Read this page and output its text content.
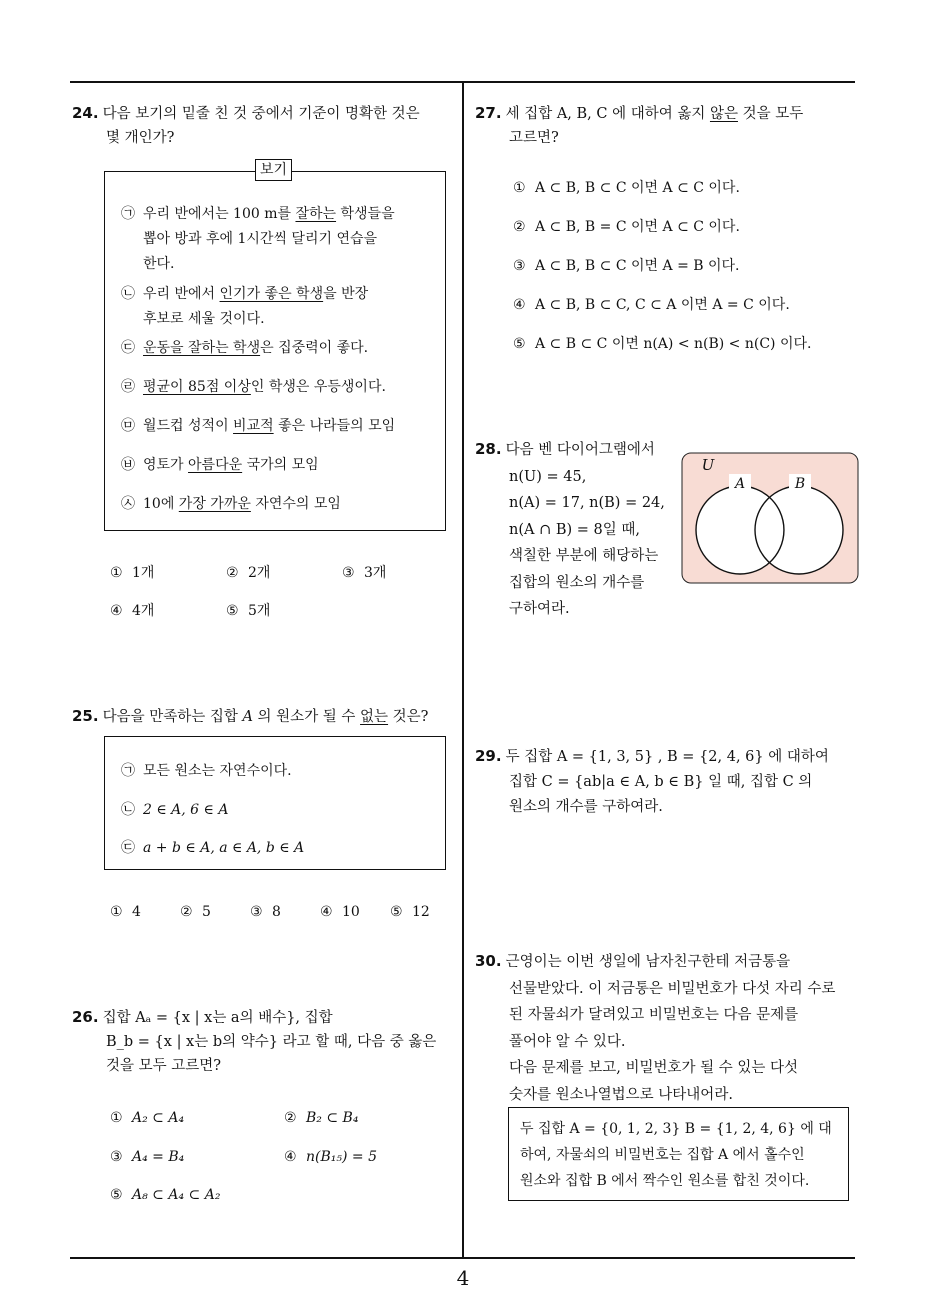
24. 다음 보기의 밑줄 친 것 중에서 기준이 명확한 것은
몇 개인가?
보기
㉠ 우리 반에서는 100 m를 잘하는 학생들을
뽑아 방과 후에 1시간씩 달리기 연습을
한다.
㉡ 우리 반에서 인기가 좋은 학생을 반장
후보로 세울 것이다.
㉢ 운동을 잘하는 학생은 집중력이 좋다.
㉣ 평균이 85점 이상인 학생은 우등생이다.
㉤ 월드컵 성적이 비교적 좋은 나라들의 모임
㉥ 영토가 아름다운 국가의 모임
㉦ 10에 가장 가까운 자연수의 모임
① 1개	② 2개	③ 3개
④ 4개	⑤ 5개
25. 다음을 만족하는 집합 A 의 원소가 될 수 없는 것은?
㉠ 모든 원소는 자연수이다.
㉡ 2 ∈ A, 6 ∈ A
㉢ a + b ∈ A, a ∈ A, b ∈ A
① 4	② 5	③ 8	④ 10 ⑤ 12
26. 집합 Aₐ = {x | x는 a의 배수}, 집합
B_b = {x | x는 b의 약수} 라고 할 때, 다음 중 옳은
것을 모두 고르면?
① A₂ ⊂ A₄	② B₂ ⊂ B₄
③ A₄ = B₄	④ n(B₁₅) = 5
⑤ A₈ ⊂ A₄ ⊂ A₂
27. 세 집합 A, B, C 에 대하여 옳지 않은 것을 모두
고르면?
① A ⊂ B, B ⊂ C 이면 A ⊂ C 이다.
② A ⊂ B, B = C 이면 A ⊂ C 이다.
③ A ⊂ B, B ⊂ C 이면 A = B 이다.
④ A ⊂ B, B ⊂ C, C ⊂ A 이면 A = C 이다.
⑤ A ⊂ B ⊂ C 이면 n(A) < n(B) < n(C) 이다.
28. 다음 벤 다이어그램에서
n(U) = 45,
n(A) = 17, n(B) = 24,
n(A ∩ B) = 8일 때,
색칠한 부분에 해당하는
집합의 원소의 개수를
구하여라.
U
A	B
29. 두 집합 A = {1, 3, 5} , B = {2, 4, 6} 에 대하여
집합 C = {ab|a ∈ A, b ∈ B} 일 때, 집합 C 의
원소의 개수를 구하여라.
30. 근영이는 이번 생일에 남자친구한테 저금통을
선물받았다. 이 저금통은 비밀번호가 다섯 자리 수로
된 자물쇠가 달려있고 비밀번호는 다음 문제를
풀어야 알 수 있다.
다음 문제를 보고, 비밀번호가 될 수 있는 다섯
숫자를 원소나열법으로 나타내어라.
두 집합 A = {0, 1, 2, 3} B = {1, 2, 4, 6} 에 대
하여, 자물쇠의 비밀번호는 집합 A 에서 홀수인
원소와 집합 B 에서 짝수인 원소를 합친 것이다.
4
